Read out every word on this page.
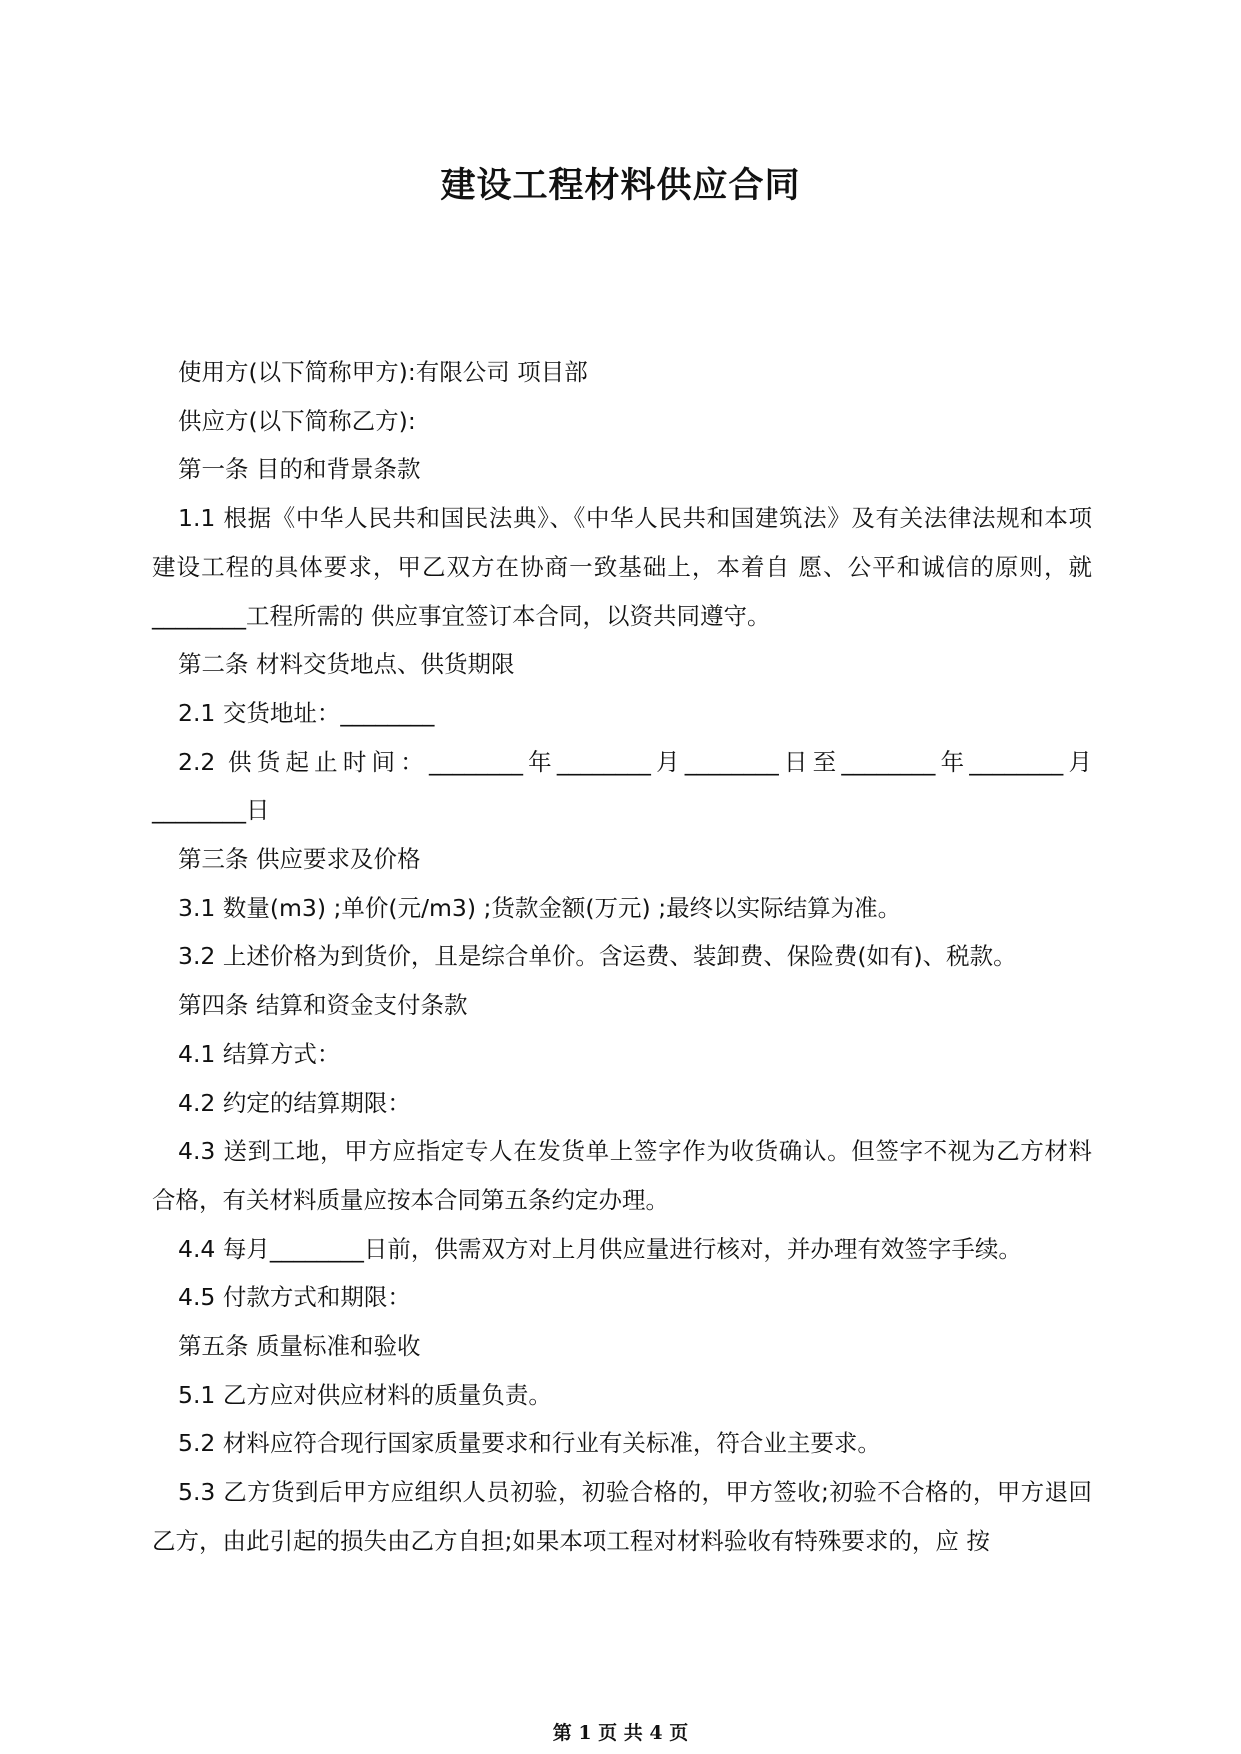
建设工程材料供应合同

使用方(以下简称甲方):有限公司 项目部

供应方(以下简称乙方):

第一条 目的和背景条款

1.1 根据《中华人民共和国民法典》、《中华人民共和国建筑法》及有关法律法规和本项建设工程的具体要求，甲乙双方在协商一致基础上，本着自 愿、公平和诚信的原则，就________工程所需的 供应事宜签订本合同，以资共同遵守。

第二条 材料交货地点、供货期限

2.1 交货地址：________

2.2 供货起止时间：________年________月________日至________年________月 ________日

第三条 供应要求及价格

3.1 数量(m3) ;单价(元/m3) ;货款金额(万元) ;最终以实际结算为准。

3.2 上述价格为到货价，且是综合单价。含运费、装卸费、保险费(如有)、税款。

第四条 结算和资金支付条款

4.1 结算方式：

4.2 约定的结算期限：

4.3 送到工地，甲方应指定专人在发货单上签字作为收货确认。但签字不视为乙方材料合格，有关材料质量应按本合同第五条约定办理。

4.4 每月________日前，供需双方对上月供应量进行核对，并办理有效签字手续。

4.5 付款方式和期限：

第五条 质量标准和验收

5.1 乙方应对供应材料的质量负责。

5.2 材料应符合现行国家质量要求和行业有关标准，符合业主要求。

5.3 乙方货到后甲方应组织人员初验，初验合格的，甲方签收;初验不合格的，甲方退回乙方，由此引起的损失由乙方自担;如果本项工程对材料验收有特殊要求的，应 按

第 1 页 共 4 页
